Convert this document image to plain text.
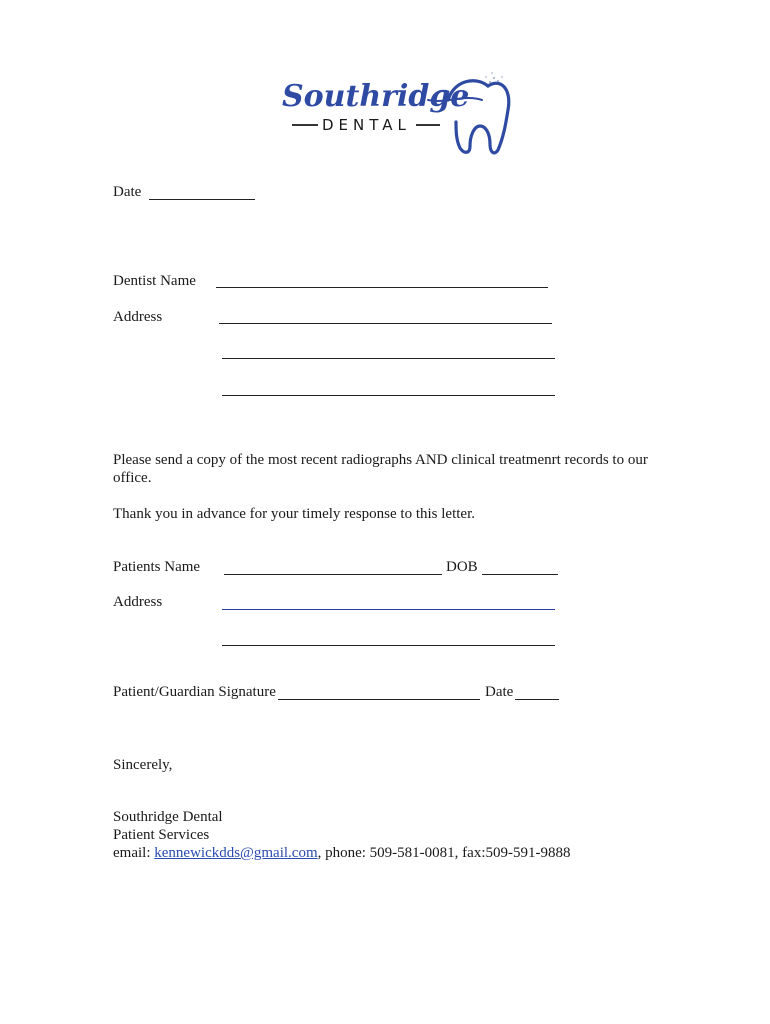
Southridge
DENTAL
Date
Dentist Name
Address
Please send a copy of the most recent radiographs AND clinical treatmenrt records to our
office.
Thank you in advance for your timely response to this letter.
Patients Name	DOB
Address
Patient/Guardian Signature	Date
Sincerely,
Southridge Dental
Patient Services
email: kennewickdds@gmail.com, phone: 509-581-0081, fax:509-591-9888
